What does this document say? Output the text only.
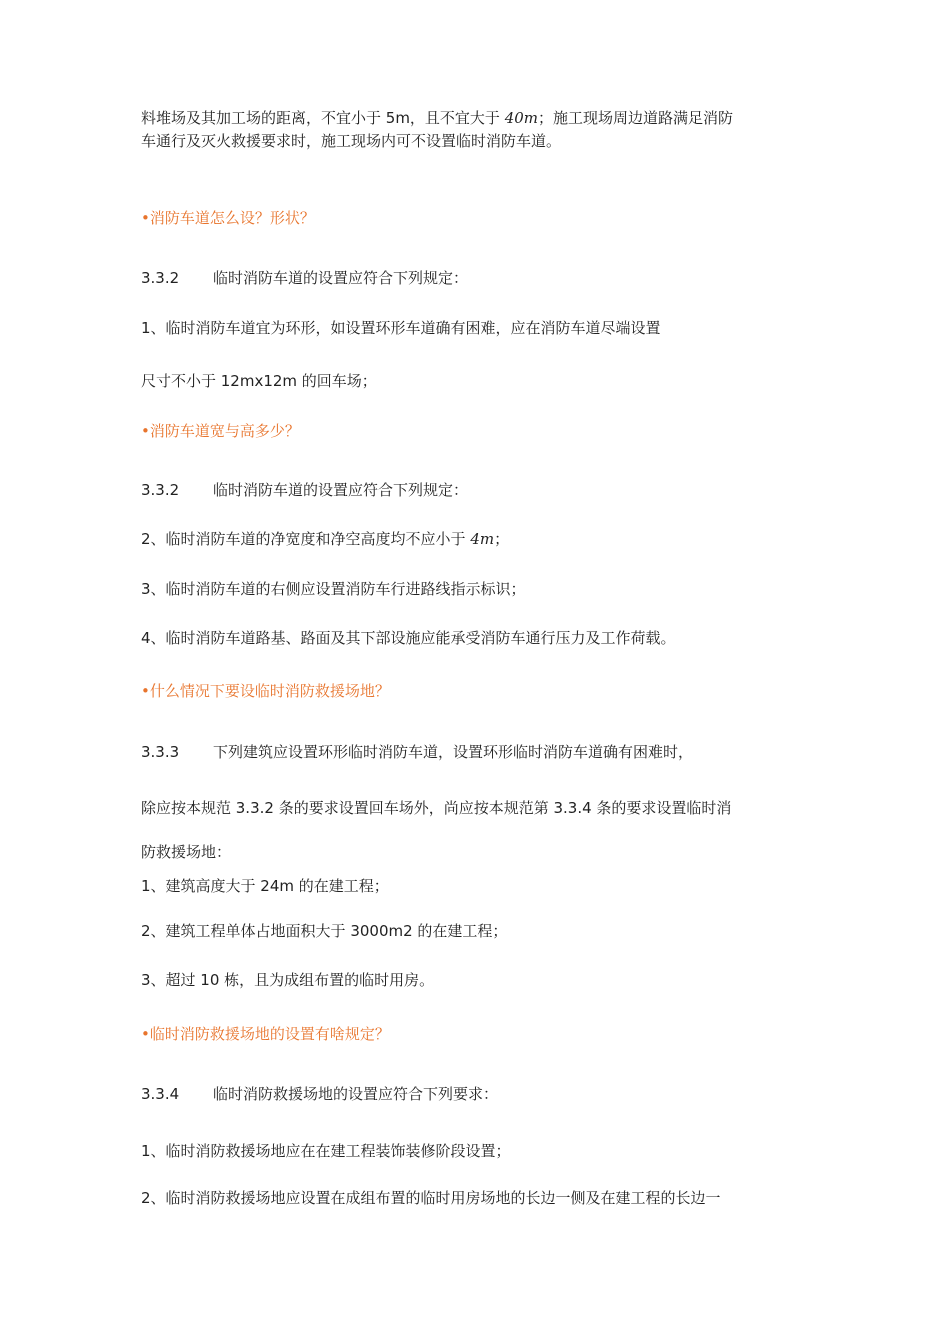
料堆场及其加工场的距离，不宜小于 5m，且不宜大于 40m；施工现场周边道路满足消防
车通行及灭火救援要求时，施工现场内可不设置临时消防车道。
•消防车道怎么设？形状？
3.3.2 临时消防车道的设置应符合下列规定：
1、临时消防车道宜为环形，如设置环形车道确有困难，应在消防车道尽端设置
尺寸不小于 12mx12m 的回车场；
•消防车道宽与高多少？
3.3.2 临时消防车道的设置应符合下列规定：
2、临时消防车道的净宽度和净空高度均不应小于 4m；
3、临时消防车道的右侧应设置消防车行进路线指示标识；
4、临时消防车道路基、路面及其下部设施应能承受消防车通行压力及工作荷载。
•什么情况下要设临时消防救援场地？
3.3.3 下列建筑应设置环形临时消防车道，设置环形临时消防车道确有困难时，
除应按本规范 3.3.2 条的要求设置回车场外，尚应按本规范第 3.3.4 条的要求设置临时消
防救援场地：
1、建筑高度大于 24m 的在建工程；
2、建筑工程单体占地面积大于 3000m2 的在建工程；
3、超过 10 栋，且为成组布置的临时用房。
•临时消防救援场地的设置有啥规定？
3.3.4 临时消防救援场地的设置应符合下列要求：
1、临时消防救援场地应在在建工程装饰装修阶段设置；
2、临时消防救援场地应设置在成组布置的临时用房场地的长边一侧及在建工程的长边一
